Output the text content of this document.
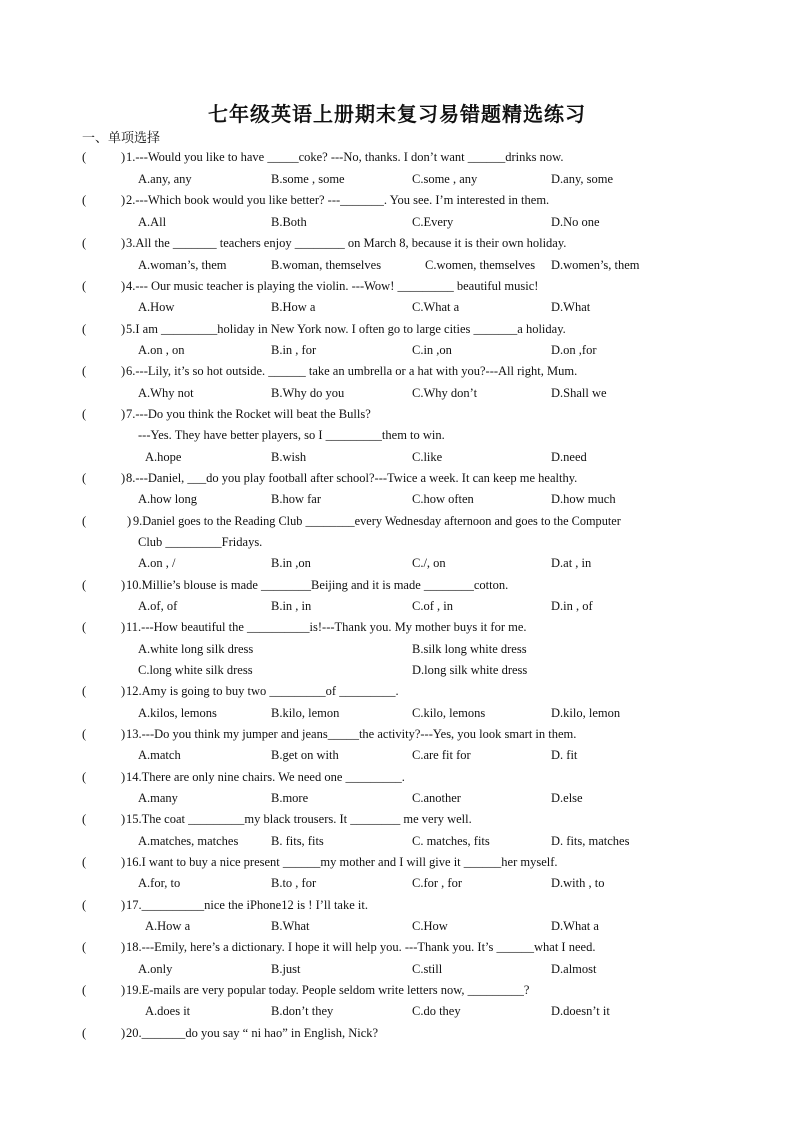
七年级英语上册期末复习易错题精选练习
一、单项选择
(	) 1.---Would you like to have _____coke? ---No, thanks. I don’t want ______drinks now.
A.any, any	B.some , some	C.some , any	D.any, some
(	) 2.---Which book would you like better? ---_______. You see. I’m interested in them.
A.All	B.Both	C.Every	D.No one
(	) 3.All the _______ teachers enjoy ________ on March 8, because it is their own holiday.
A.woman’s, them	B.woman, themselves	C.women, themselves D.women’s, them
(	) 4.--- Our music teacher is playing the violin. ---Wow! _________ beautiful music!
A.How	B.How a	C.What a	D.What
(	) 5.I am _________holiday in New York now. I often go to large cities _______a holiday.
A.on , on	B.in , for	C.in ,on	D.on ,for
(	) 6.---Lily, it’s so hot outside. ______ take an umbrella or a hat with you?---All right, Mum.
A.Why not	B.Why do you	C.Why don’t	D.Shall we
(	) 7.---Do you think the Rocket will beat the Bulls?
---Yes. They have better players, so I _________them to win.
A.hope	B.wish	C.like	D.need
(	) 8.---Daniel, ___do you play football after school?---Twice a week. It can keep me healthy.
A.how long	B.how far	C.how often	D.how much
(	) 9.Daniel goes to the Reading Club ________every Wednesday afternoon and goes to the Computer
Club _________Fridays.
A.on , /	B.in ,on	C./, on	D.at , in
(	) 10.Millie’s blouse is made ________Beijing and it is made ________cotton.
A.of, of	B.in , in	C.of , in	D.in , of
(	) 11.---How beautiful the __________is!---Thank you. My mother buys it for me.
A.white long silk dress	B.silk long white dress
C.long white silk dress	D.long silk white dress
(	) 12.Amy is going to buy two _________of _________.
A.kilos, lemons	B.kilo, lemon	C.kilo, lemons	D.kilo, lemon
(	) 13.---Do you think my jumper and jeans_____the activity?---Yes, you look smart in them.
A.match	B.get on with	C.are fit for	D. fit
(	) 14.There are only nine chairs. We need one _________.
A.many	B.more	C.another	D.else
(	) 15.The coat _________my black trousers. It ________ me very well.
A.matches, matches	B. fits, fits	C. matches, fits	D. fits, matches
(	) 16.I want to buy a nice present ______my mother and I will give it ______her myself.
A.for, to	B.to , for	C.for , for	D.with , to
(	) 17.__________nice the iPhone12 is ! I’ll take it.
A.How a	B.What	C.How	D.What a
(	) 18.---Emily, here’s a dictionary. I hope it will help you. ---Thank you. It’s ______what I need.
A.only	B.just	C.still	D.almost
(	) 19.E-mails are very popular today. People seldom write letters now, _________?
A.does it	B.don’t they	C.do they	D.doesn’t it
(	) 20._______do you say “ ni hao” in English, Nick?
